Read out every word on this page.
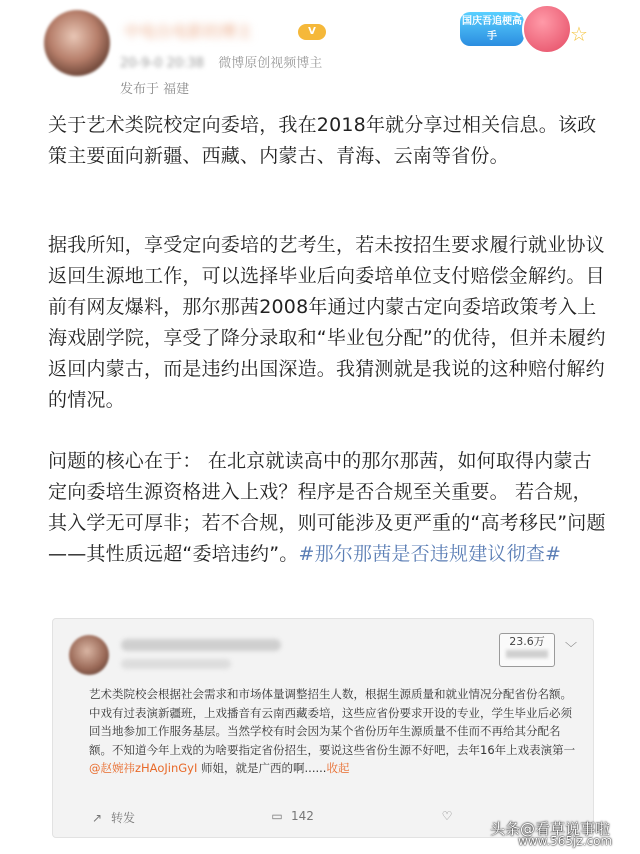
中电台电影的博主	V
20-9-0 20:38 微博原创视频博主
发布于 福建
国庆吾追梗高手	☆
关于艺术类院校定向委培，我在2018年就分享过相关信息。该政策主要面向新疆、西藏、内蒙古、青海、云南等省份。
据我所知，享受定向委培的艺考生，若未按招生要求履行就业协议返回生源地工作，可以选择毕业后向委培单位支付赔偿金解约。目前有网友爆料，那尔那茜2008年通过内蒙古定向委培政策考入上海戏剧学院，享受了降分录取和“毕业包分配”的优待，但并未履约返回内蒙古，而是违约出国深造。我猜测就是我说的这种赔付解约的情况。
问题的核心在于： 在北京就读高中的那尔那茜，如何取得内蒙古定向委培生源资格进入上戏？程序是否合规至关重要。 若合规，其入学无可厚非；若不合规，则可能涉及更严重的“高考移民”问题——其性质远超“委培违约”。#那尔那茜是否违规建议彻查#
23.6万	﹀
艺术类院校会根据社会需求和市场体量调整招生人数，根据生源质量和就业情况分配省份名额。中戏有过表演新疆班，上戏播音有云南西藏委培，这些应省份要求开设的专业，学生毕业后必须回当地参加工作服务基层。当然学校有时会因为某个省份历年生源质量不佳而不再给其分配名额。不知道今年上戏的为啥要指定省份招生，要说这些省份生源不好吧，去年16年上戏表演第一@赵婉祎zHAoJinGyI 师姐，就是广西的啊......收起
↗ 转发	▭ 142	♡
头条@看草说事啦
www.565jz.com
